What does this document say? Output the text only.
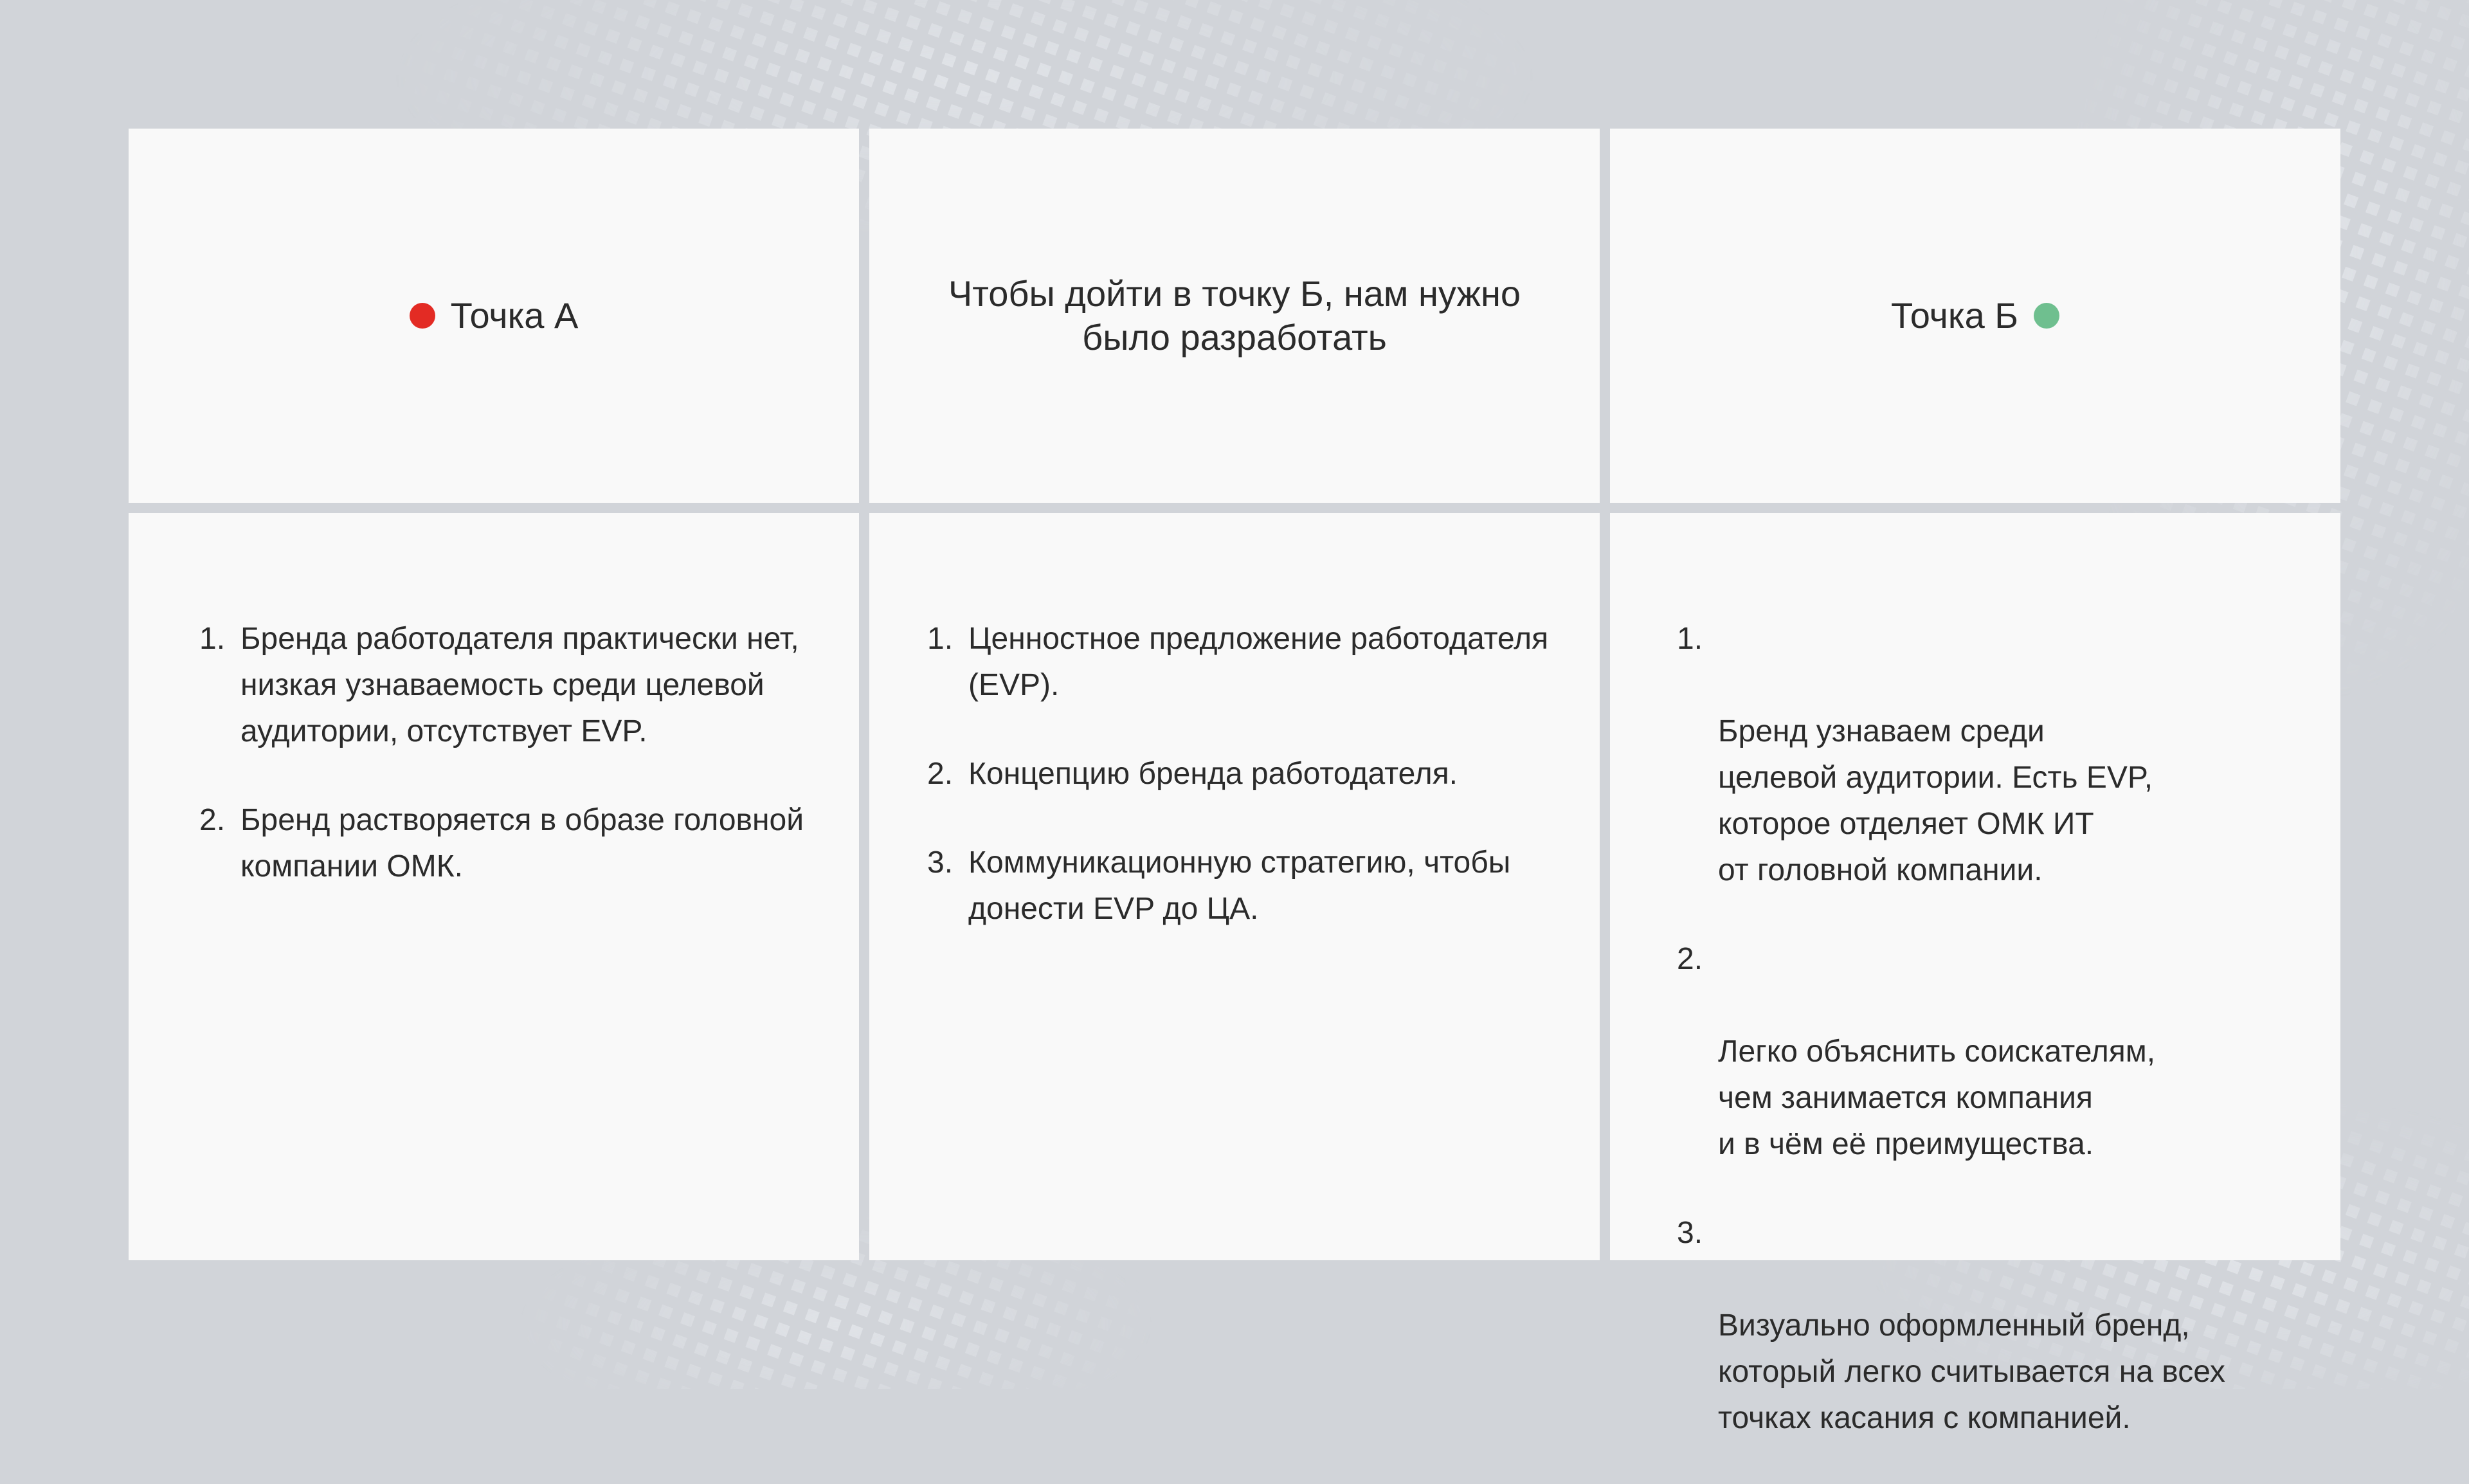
Точка А
Чтобы дойти в точку Б, нам нужно было разработать
Точка Б
1. Бренда работодателя практически нет, низкая узнаваемость среди целевой аудитории, отсутствует EVP.
2. Бренд растворяется в образе головной компании ОМК.
1. Ценностное предложение работодателя (EVP).
2. Концепцию бренда работодателя.
3. Коммуникационную стратегию, чтобы донести EVP до ЦА.

1.

Бренд узнаваем среди
целевой аудитории. Есть EVP,
которое отделяет ОМК ИТ
от головной компании.

2.

Легко объяснить соискателям,
чем занимается компания
и в чём её преимущества.

3.

Визуально оформленный бренд,
который легко считывается на всех
точках касания с компанией.
